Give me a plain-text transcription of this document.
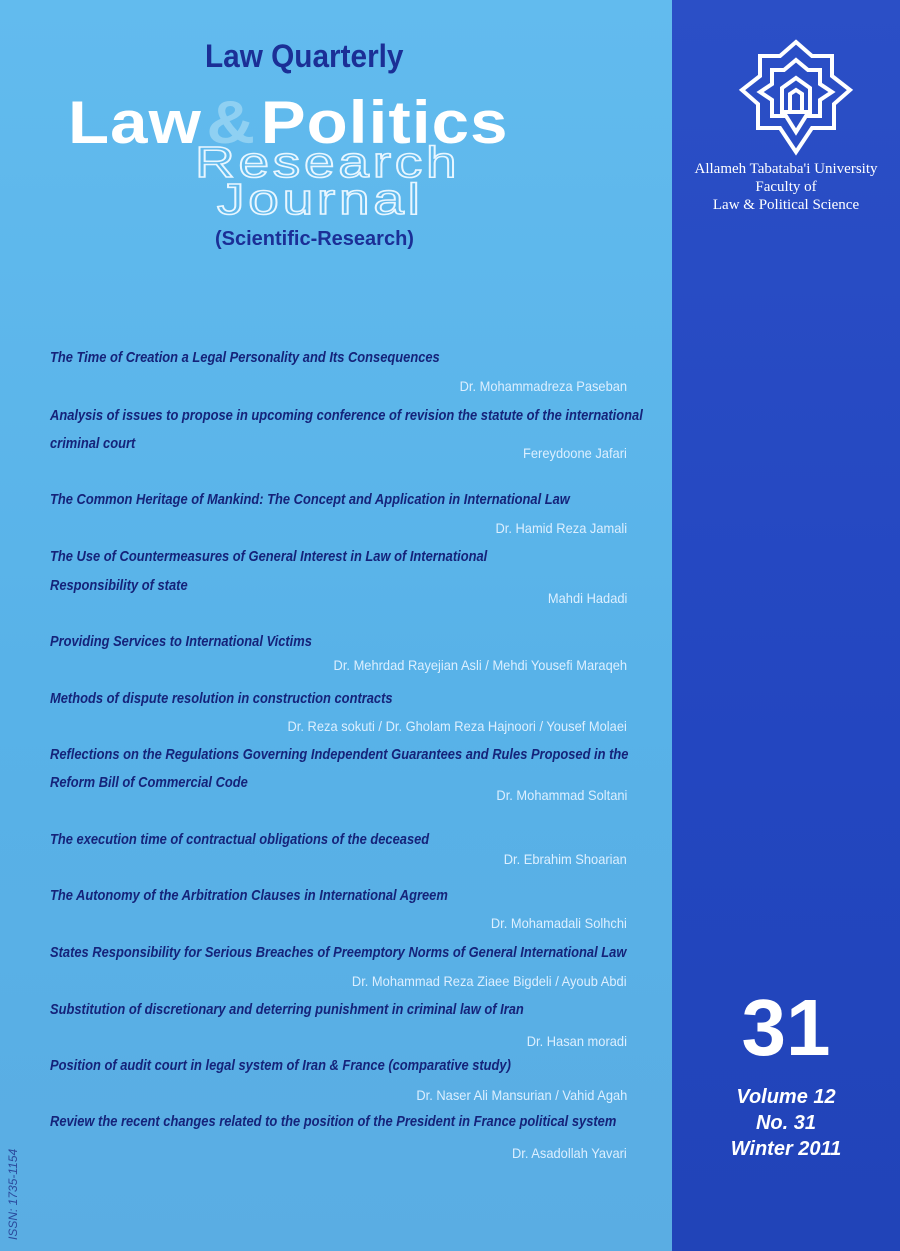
Law Quarterly
Law&Politics
Research
Journal
(Scientific-Research)
The Time of Creation a Legal Personality and Its Consequences
Dr. Mohammadreza Paseban
Analysis of issues to propose in upcoming conference of revision the statute of the international
criminal court
Fereydoone Jafari
The Common Heritage of Mankind: The Concept and Application in International Law
Dr. Hamid Reza Jamali
The Use of Countermeasures of General Interest in Law of International
Responsibility of state
Mahdi Hadadi
Providing Services to International Victims
Dr. Mehrdad Rayejian Asli / Mehdi Yousefi Maraqeh
Methods of dispute resolution in construction contracts
Dr. Reza sokuti / Dr. Gholam Reza Hajnoori / Yousef Molaei
Reflections on the Regulations Governing Independent Guarantees and Rules Proposed in the
Reform Bill of Commercial Code
Dr. Mohammad Soltani
The execution time of contractual obligations of the deceased
Dr. Ebrahim Shoarian
The Autonomy of the Arbitration Clauses in International Agreem
Dr. Mohamadali Solhchi
States Responsibility for Serious Breaches of Preemptory Norms of General International Law
Dr. Mohammad Reza Ziaee Bigdeli / Ayoub Abdi
Substitution of discretionary and deterring punishment in criminal law of Iran
Dr. Hasan moradi
Position of audit court in legal system of Iran & France (comparative study)
Dr. Naser Ali Mansurian / Vahid Agah
Review the recent changes related to the position of the President in France political system
Dr. Asadollah Yavari
ISSN: 1735-1154
Allameh Tabataba'i University
Faculty of
Law & Political Science
31
Volume 12
No. 31
Winter 2011
